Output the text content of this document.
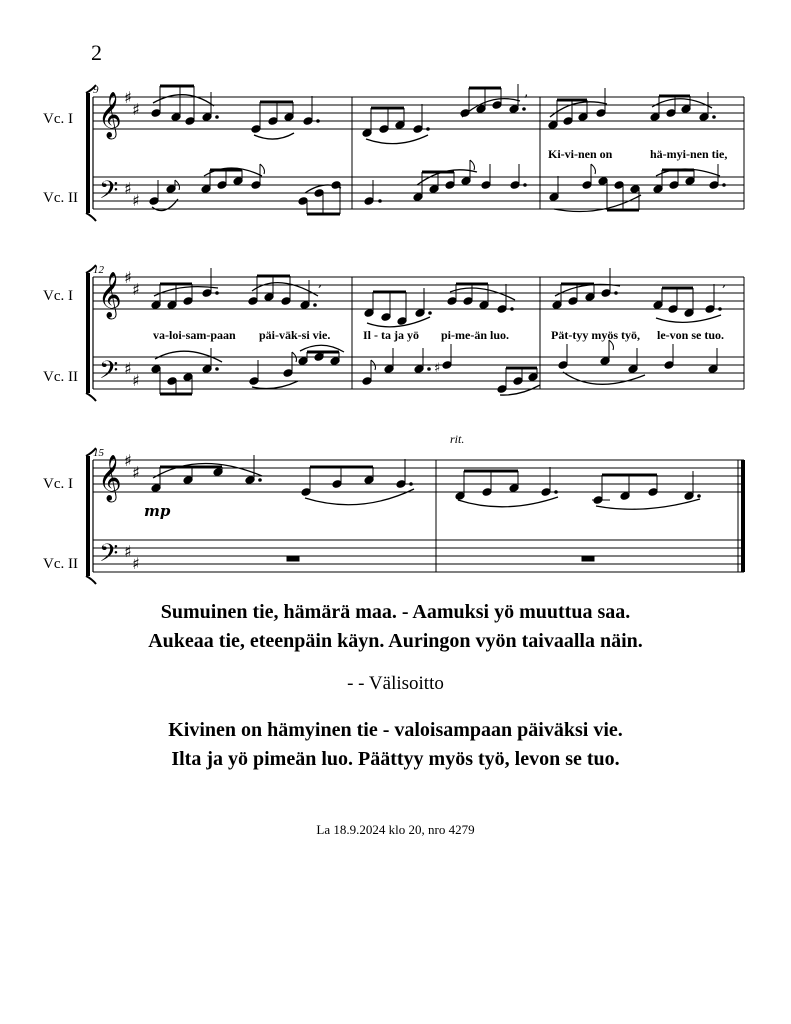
2
Vc. I
Vc. II
Vc. I
Vc. II
Vc. I
Vc. II
9
12
15
Ki-vi-nen on	hä-myi-nen tie,
va-loi-sam-paan päi-väk-si vie.	Il - ta ja yö pi-me-än luo.	Pät-tyy myös työ, le-von se tuo.
mp
rit.
𝄞
𝄢
𝄞
𝄢
𝄞
𝄢
♯
♯
♯
♯
♯
♯
♯
♯
♯
♯
♯
♯
♯
,
,	,
Sumuinen tie, hämärä maa. - Aamuksi yö muuttua saa.
Aukeaa tie, eteenpäin käyn. Auringon vyön taivaalla näin.
- - Välisoitto
Kivinen on hämyinen tie - valoisampaan päiväksi vie.
Ilta ja yö pimeän luo. Päättyy myös työ, levon se tuo.
La 18.9.2024 klo 20, nro 4279
